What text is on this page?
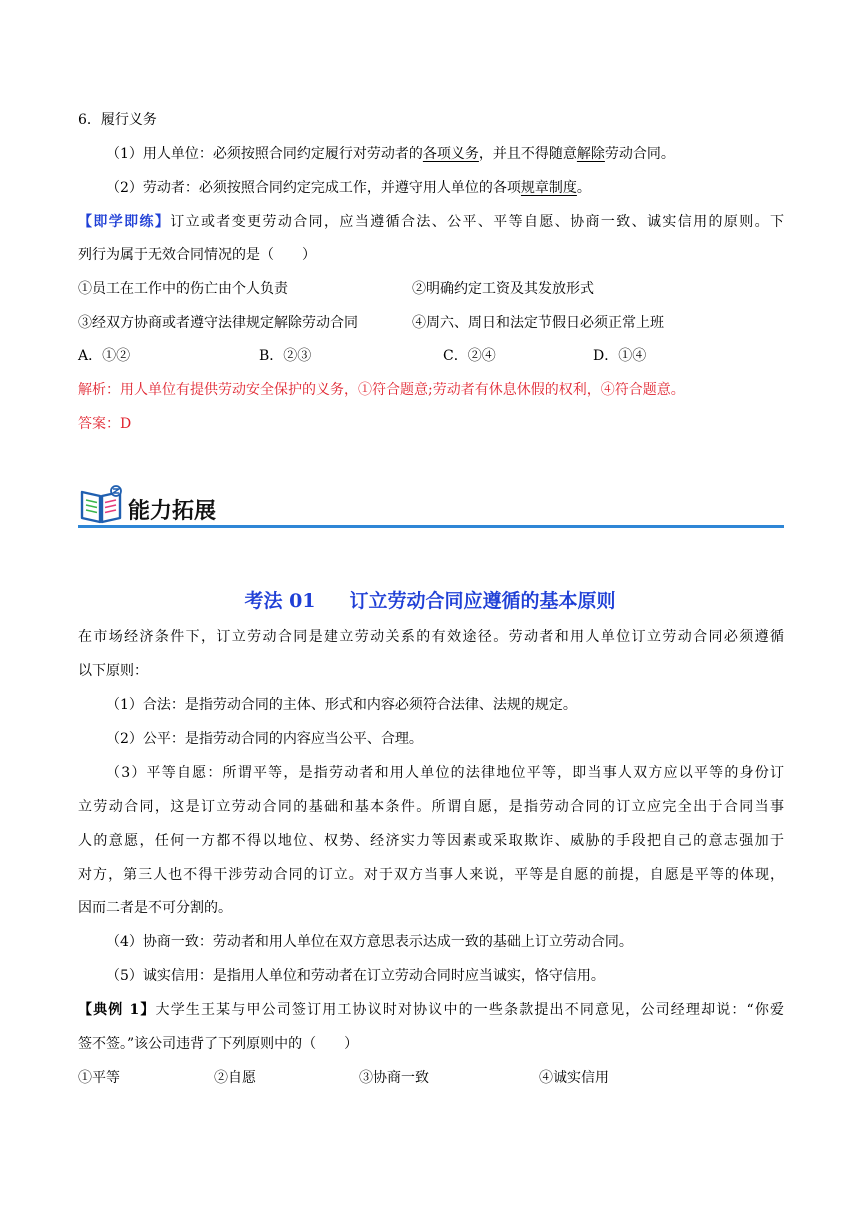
6．履行义务
（1）用人单位：必须按照合同约定履行对劳动者的各项义务，并且不得随意解除劳动合同。
（2）劳动者：必须按照合同约定完成工作，并遵守用人单位的各项规章制度。
【即学即练】订立或者变更劳动合同，应当遵循合法、公平、平等自愿、协商一致、诚实信用的原则。下
列行为属于无效合同情况的是（　　）
①员工在工作中的伤亡由个人负责	②明确约定工资及其发放形式
③经双方协商或者遵守法律规定解除劳动合同	④周六、周日和法定节假日必须正常上班
A．①②	B．②③	C．②④	D．①④
解析：用人单位有提供劳动安全保护的义务，①符合题意;劳动者有休息休假的权利，④符合题意。
答案：D
能力拓展
考法 01 订立劳动合同应遵循的基本原则
在市场经济条件下，订立劳动合同是建立劳动关系的有效途径。劳动者和用人单位订立劳动合同必须遵循
以下原则：
（1）合法：是指劳动合同的主体、形式和内容必须符合法律、法规的规定。
（2）公平：是指劳动合同的内容应当公平、合理。
（3）平等自愿：所谓平等，是指劳动者和用人单位的法律地位平等，即当事人双方应以平等的身份订
立劳动合同，这是订立劳动合同的基础和基本条件。所谓自愿，是指劳动合同的订立应完全出于合同当事
人的意愿，任何一方都不得以地位、权势、经济实力等因素或采取欺诈、威胁的手段把自己的意志强加于
对方，第三人也不得干涉劳动合同的订立。对于双方当事人来说，平等是自愿的前提，自愿是平等的体现，
因而二者是不可分割的。
（4）协商一致：劳动者和用人单位在双方意思表示达成一致的基础上订立劳动合同。
（5）诚实信用：是指用人单位和劳动者在订立劳动合同时应当诚实，恪守信用。
【典例 1】大学生王某与甲公司签订用工协议时对协议中的一些条款提出不同意见，公司经理却说：“你爱
签不签。”该公司违背了下列原则中的（　　）
①平等	②自愿	③协商一致	④诚实信用
